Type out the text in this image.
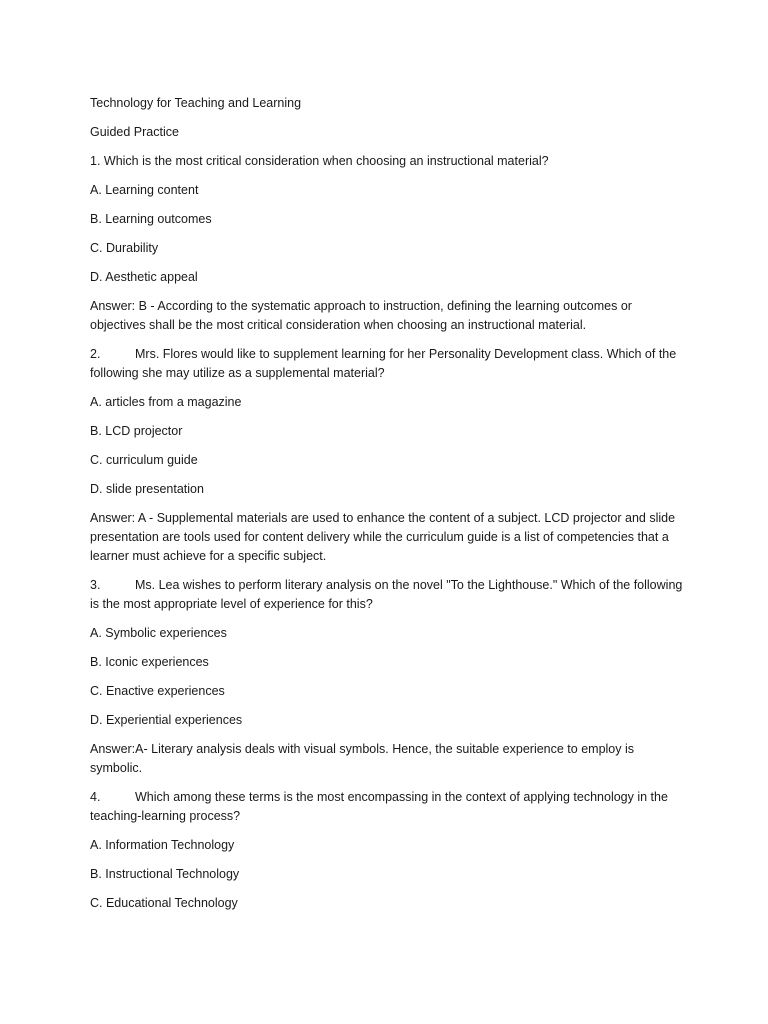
Technology for Teaching and Learning
Guided Practice
1. Which is the most critical consideration when choosing an instructional material?
A. Learning content
B. Learning outcomes
C. Durability
D. Aesthetic appeal
Answer: B - According to the systematic approach to instruction, defining the learning outcomes or objectives shall be the most critical consideration when choosing an instructional material.
2.	Mrs. Flores would like to supplement learning for her Personality Development class. Which of the following she may utilize as a supplemental material?
A. articles from a magazine
B. LCD projector
C. curriculum guide
D. slide presentation
Answer: A - Supplemental materials are used to enhance the content of a subject. LCD projector and slide presentation are tools used for content delivery while the curriculum guide is a list of competencies that a learner must achieve for a specific subject.
3.	Ms. Lea wishes to perform literary analysis on the novel "To the Lighthouse." Which of the following is the most appropriate level of experience for this?
A. Symbolic experiences
B. Iconic experiences
C. Enactive experiences
D. Experiential experiences
Answer:A- Literary analysis deals with visual symbols. Hence, the suitable experience to employ is symbolic.
4.	Which among these terms is the most encompassing in the context of applying technology in the teaching-learning process?
A. Information Technology
B. Instructional Technology
C. Educational Technology
